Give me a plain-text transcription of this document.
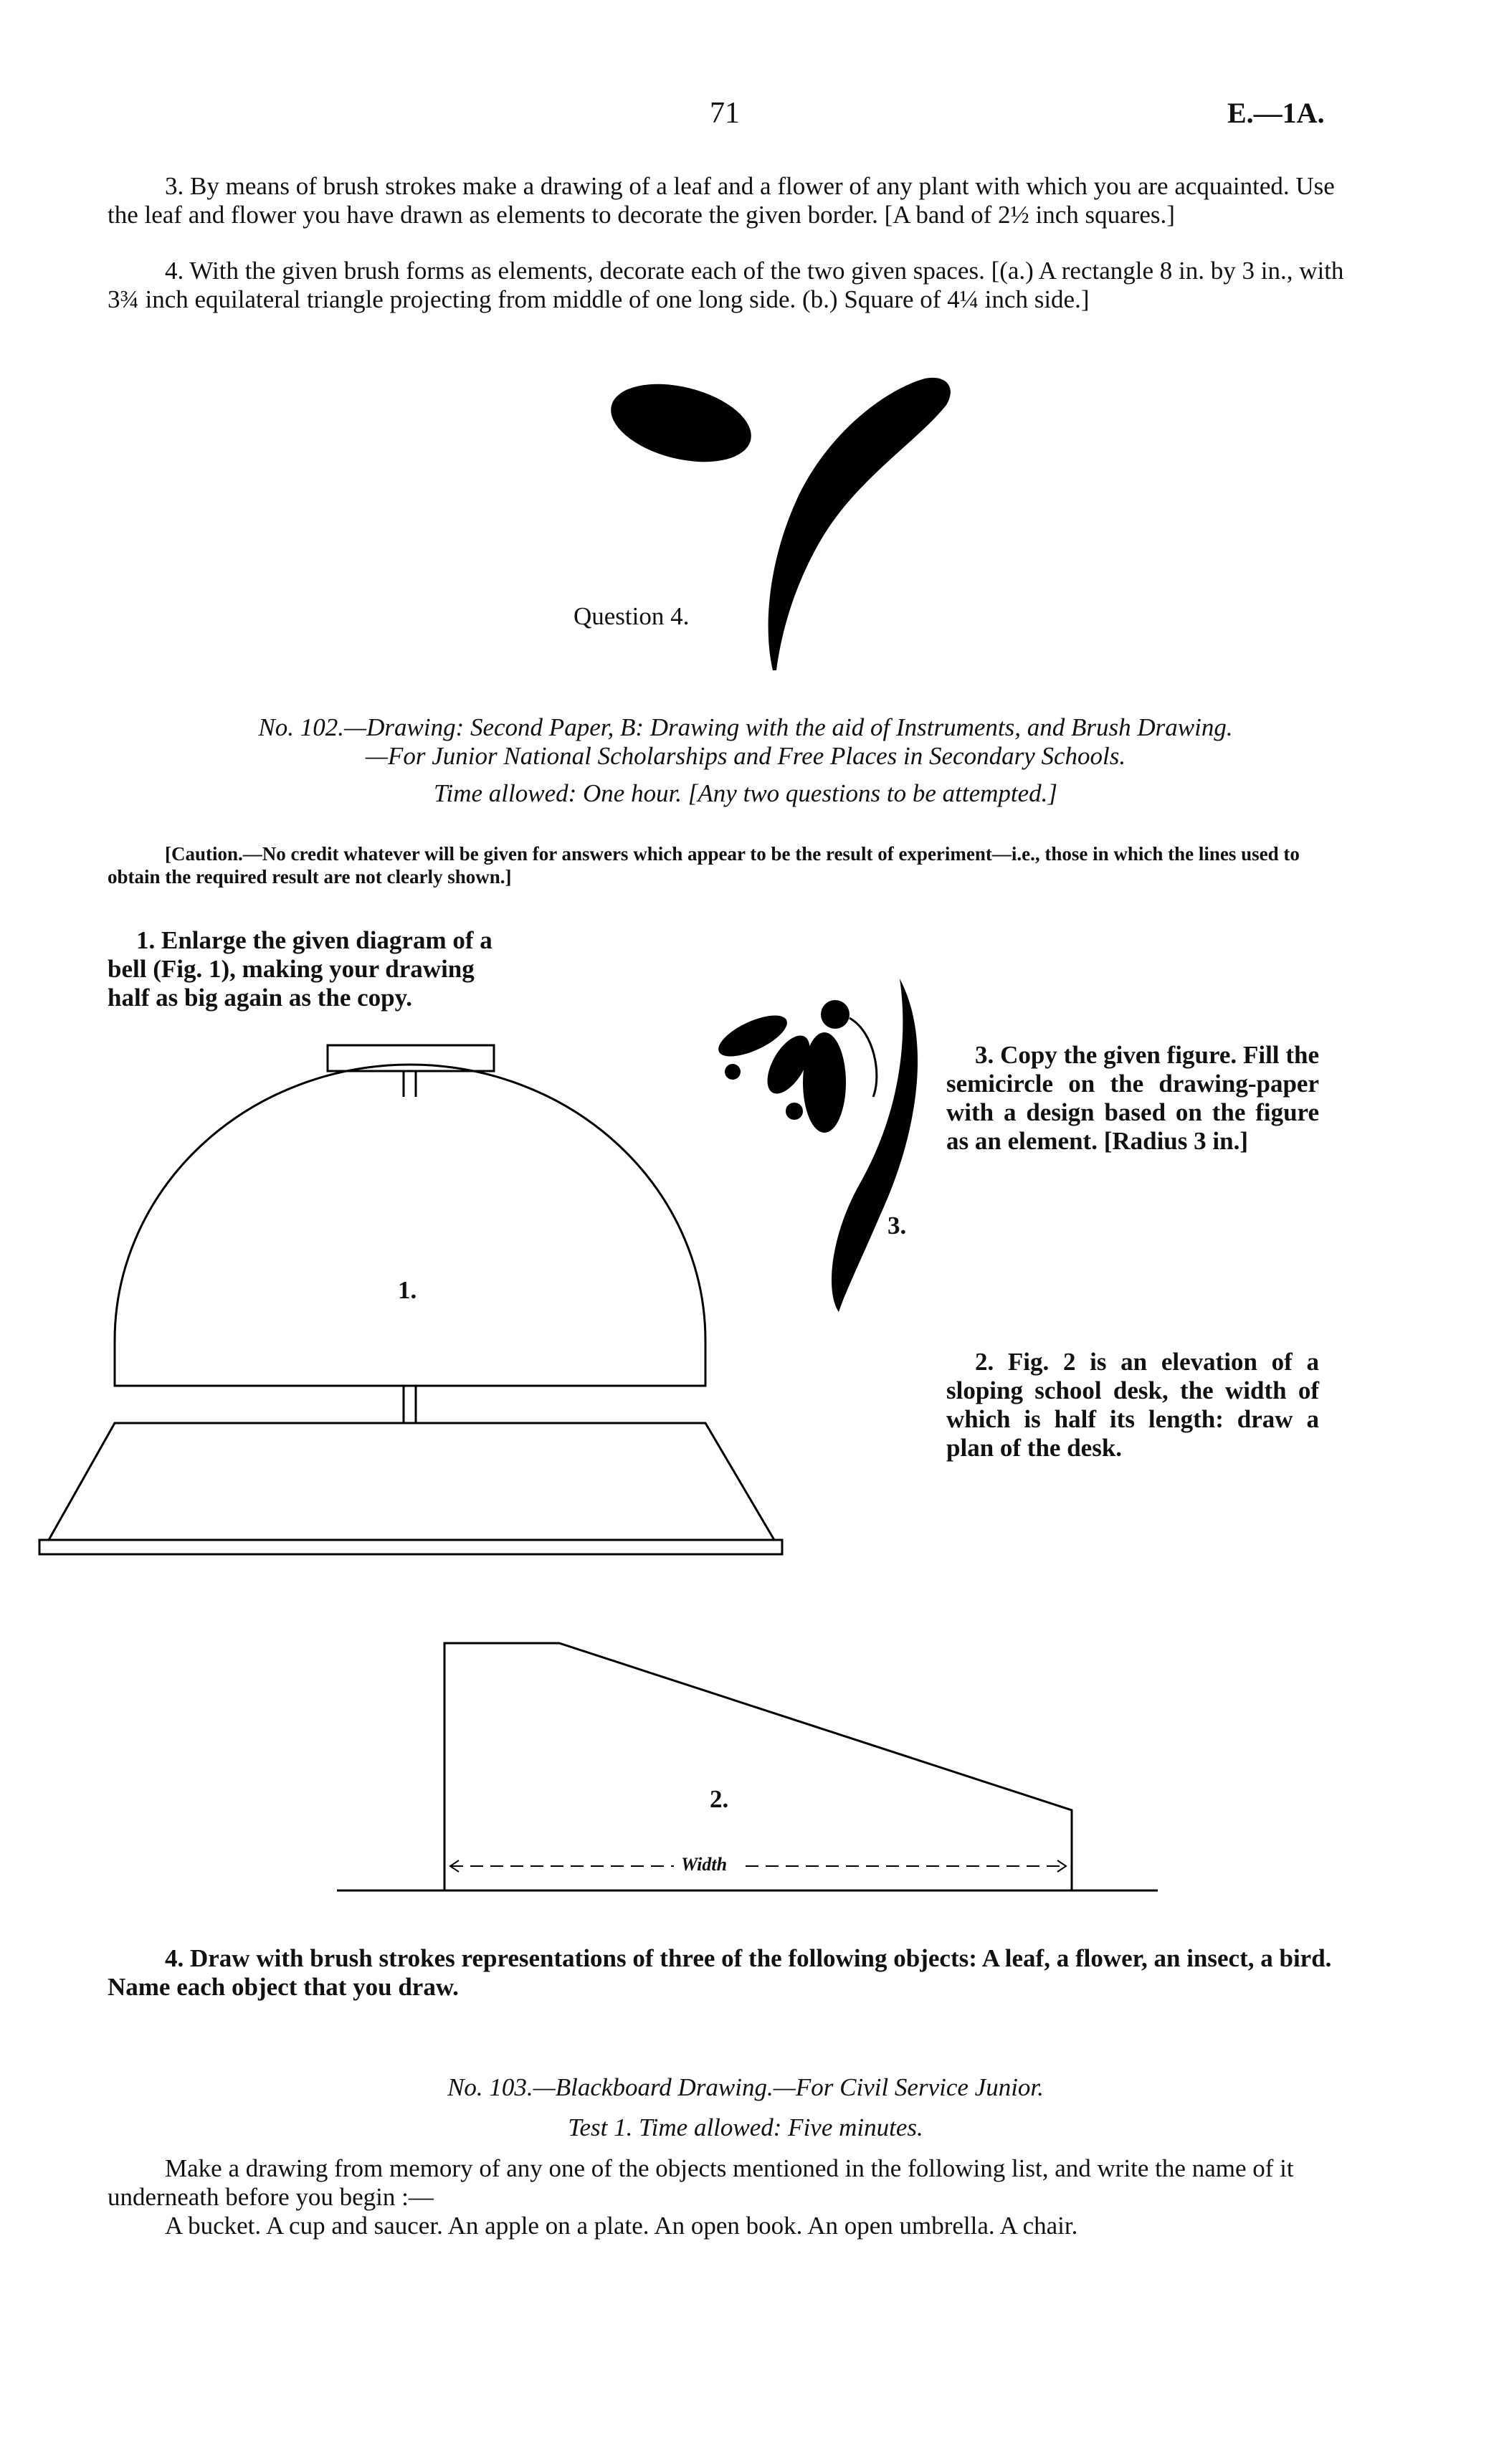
71	E.—1A.

3. By means of brush strokes make a drawing of a leaf and a flower of any plant with which you are acquainted. Use the leaf and flower you have drawn as elements to decorate the given border. [A band of 2½ inch squares.]

4. With the given brush forms as elements, decorate each of the two given spaces. [(a.) A rectangle 8 in. by 3 in., with 3¾ inch equilateral triangle projecting from middle of one long side. (b.) Square of 4¼ inch side.]

Question 4.

No. 102.—Drawing: Second Paper, B: Drawing with the aid of Instruments, and Brush Drawing.

—For Junior National Scholarships and Free Places in Secondary Schools.

Time allowed: One hour. [Any two questions to be attempted.]

[Caution.—No credit whatever will be given for answers which appear to be the result of experiment—i.e., those in which the lines used to obtain the required result are not clearly shown.]

1. Enlarge the given diagram of a bell (Fig. 1), making your drawing half as big again as the copy.

1.
3.

3. Copy the given figure. Fill the semicircle on the drawing-paper with a design based on the figure as an element. [Radius 3 in.]

2. Fig. 2 is an elevation of a sloping school desk, the width of which is half its length: draw a plan of the desk.

2.
Width

4. Draw with brush strokes representations of three of the following objects: A leaf, a flower, an insect, a bird. Name each object that you draw.

No. 103.—Blackboard Drawing.—For Civil Service Junior.

Test 1. Time allowed: Five minutes.

Make a drawing from memory of any one of the objects mentioned in the following list, and write the name of it underneath before you begin :—

A bucket. A cup and saucer. An apple on a plate. An open book. An open umbrella. A chair.
